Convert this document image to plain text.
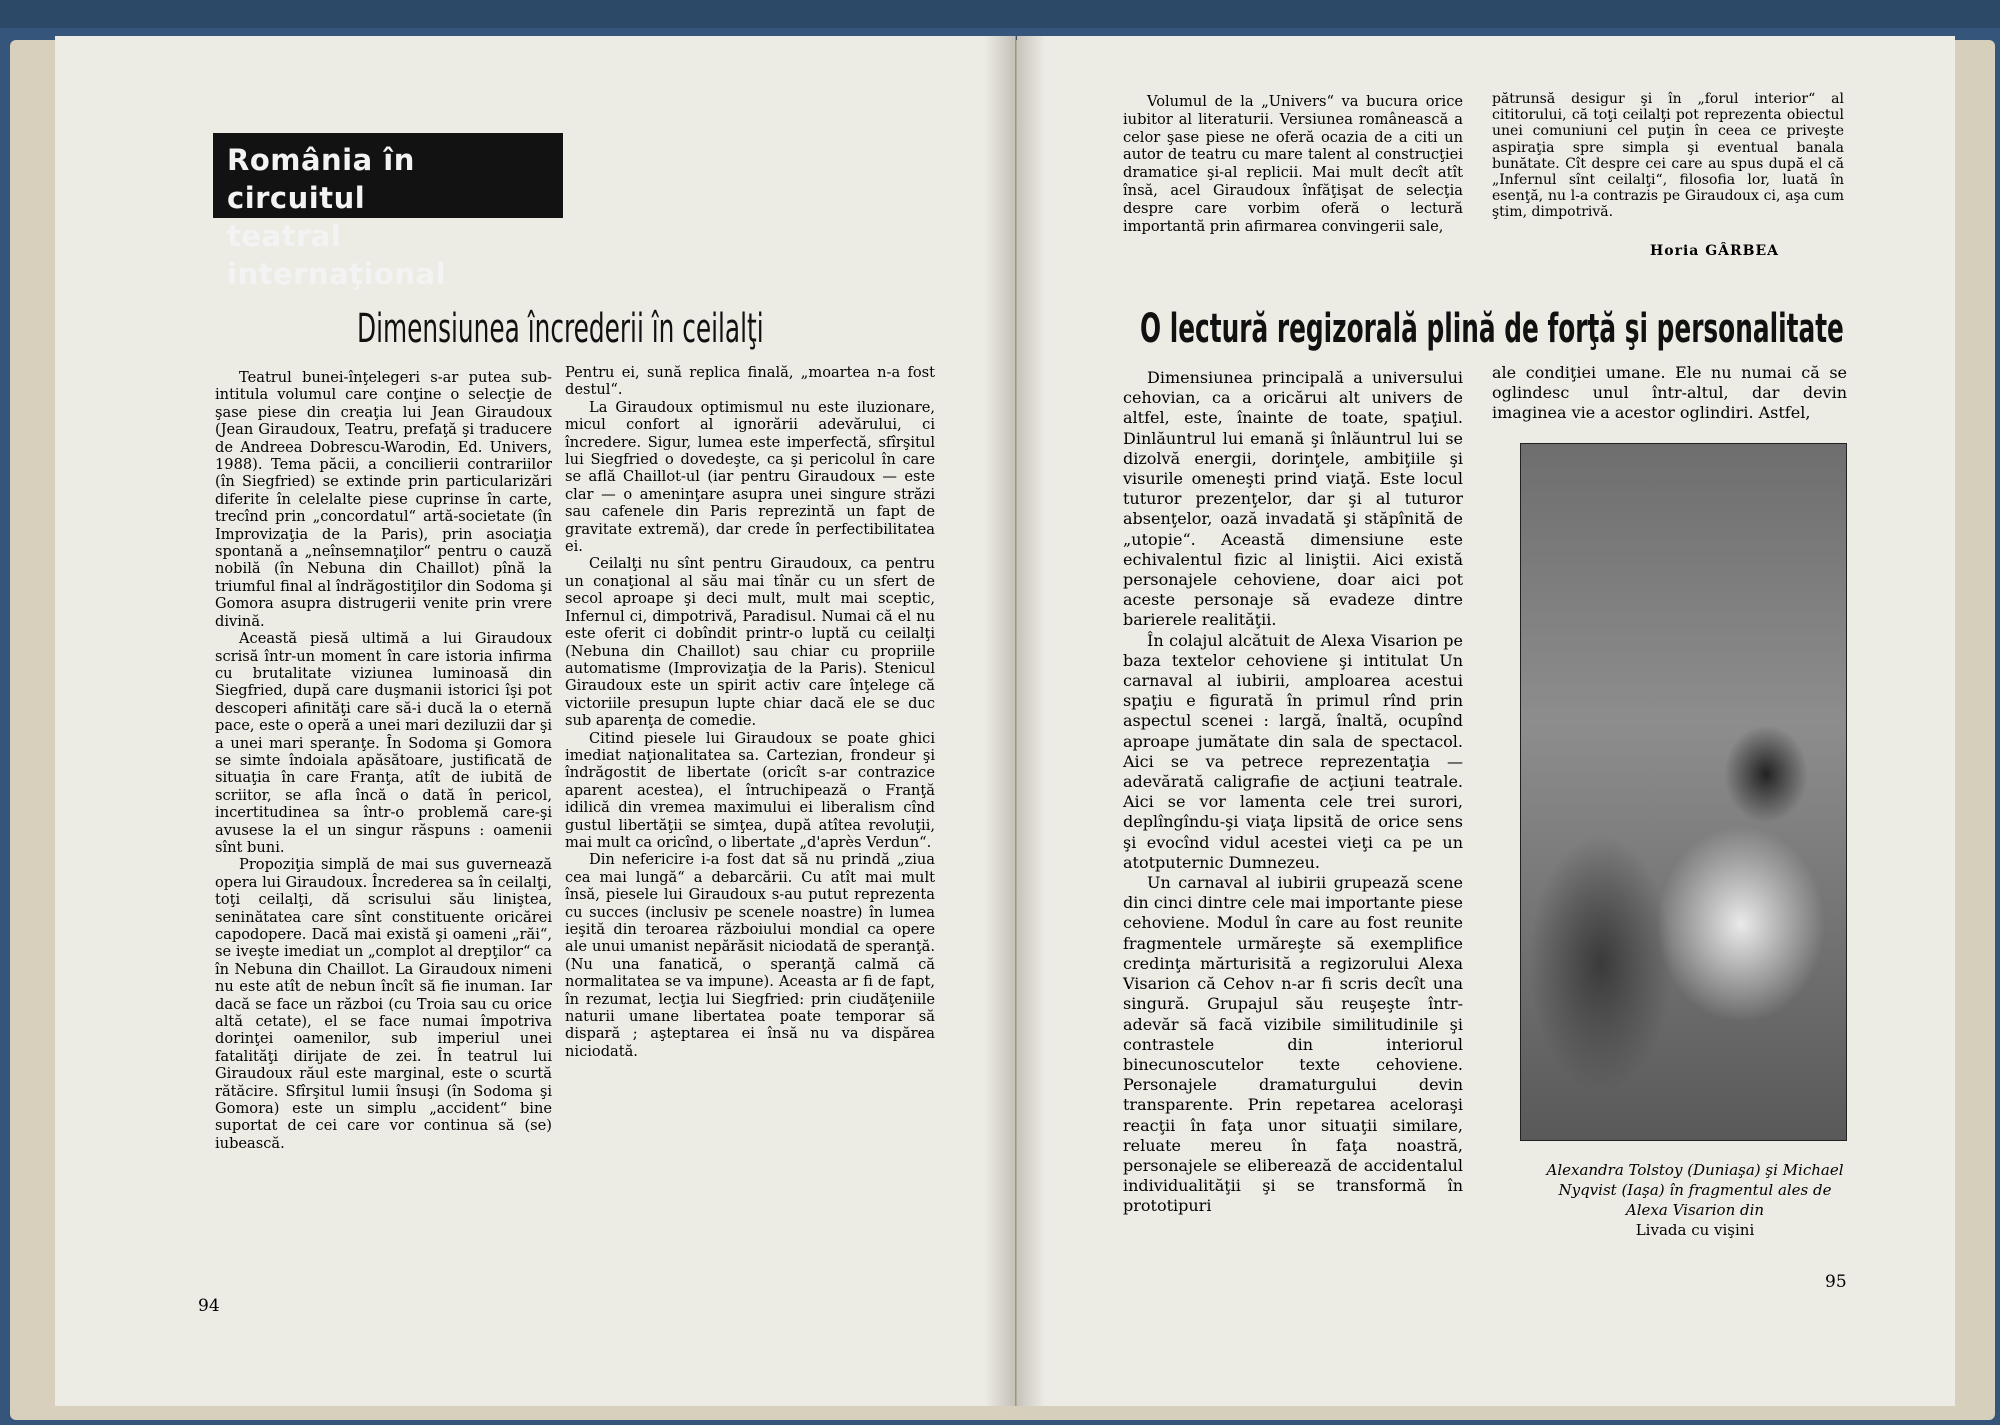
România în circuitul
teatral internaţional
Dimensiunea încrederii în ceilalţi

Teatrul bunei-înţelegeri s-ar putea sub-intitula volumul care conţine o selecţie de şase piese din creaţia lui Jean Giraudoux (Jean Giraudoux, Teatru, prefaţă şi traducere de Andreea Dobrescu-Warodin, Ed. Univers, 1988). Tema păcii, a concilierii contrariilor (în Siegfried) se extinde prin particularizări diferite în celelalte piese cuprinse în carte, trecînd prin „concordatul“ artă-societate (în Improvizaţia de la Paris), prin asociaţia spontană a „neînsemnaţilor“ pentru o cauză nobilă (în Nebuna din Chaillot) pînă la triumful final al îndrăgostiţilor din Sodoma şi Gomora asupra distrugerii venite prin vrere divină.

Această piesă ultimă a lui Giraudoux scrisă într-un moment în care istoria infirma cu brutalitate viziunea luminoasă din Siegfried, după care duşmanii istorici îşi pot descoperi afinităţi care să-i ducă la o eternă pace, este o operă a unei mari deziluzii dar şi a unei mari speranţe. În Sodoma şi Gomora se simte îndoiala apăsătoare, justificată de situaţia în care Franţa, atît de iubită de scriitor, se afla încă o dată în pericol, incertitudinea sa într-o problemă care-şi avusese la el un singur răspuns : oamenii sînt buni.

Propoziţia simplă de mai sus guvernează opera lui Giraudoux. Încrederea sa în ceilalţi, toţi ceilalţi, dă scrisului său liniştea, seninătatea care sînt constituente oricărei capodopere. Dacă mai există şi oameni „răi“, se iveşte imediat un „complot al drepţilor“ ca în Nebuna din Chaillot. La Giraudoux nimeni nu este atît de nebun încît să fie inuman. Iar dacă se face un război (cu Troia sau cu orice altă cetate), el se face numai împotriva dorinţei oamenilor, sub imperiul unei fatalităţi dirijate de zei. În teatrul lui Giraudoux răul este marginal, este o scurtă rătăcire. Sfîrşitul lumii însuşi (în Sodoma şi Gomora) este un simplu „accident“ bine suportat de cei care vor continua să (se) iubească.

Pentru ei, sună replica finală, „moartea n-a fost destul“.

La Giraudoux optimismul nu este iluzionare, micul confort al ignorării adevărului, ci încredere. Sigur, lumea este imperfectă, sfîrşitul lui Siegfried o dovedeşte, ca şi pericolul în care se află Chaillot-ul (iar pentru Giraudoux — este clar — o ameninţare asupra unei singure străzi sau cafenele din Paris reprezintă un fapt de gravitate extremă), dar crede în perfectibilitatea ei.

Ceilalţi nu sînt pentru Giraudoux, ca pentru un conaţional al său mai tînăr cu un sfert de secol aproape şi deci mult, mult mai sceptic, Infernul ci, dimpotrivă, Paradisul. Numai că el nu este oferit ci dobîndit printr-o luptă cu ceilalţi (Nebuna din Chaillot) sau chiar cu propriile automatisme (Improvizaţia de la Paris). Stenicul Giraudoux este un spirit activ care înţelege că victoriile presupun lupte chiar dacă ele se duc sub aparenţa de comedie.

Citind piesele lui Giraudoux se poate ghici imediat naţionalitatea sa. Cartezian, frondeur şi îndrăgostit de libertate (oricît s-ar contrazice aparent acestea), el întruchipează o Franţă idilică din vremea maximului ei liberalism cînd gustul libertăţii se simţea, după atîtea revoluţii, mai mult ca oricînd, o libertate „d'après Verdun“.

Din nefericire i-a fost dat să nu prindă „ziua cea mai lungă“ a debarcării. Cu atît mai mult însă, piesele lui Giraudoux s-au putut reprezenta cu succes (inclusiv pe scenele noastre) în lumea ieşită din teroarea războiului mondial ca opere ale unui umanist nepărăsit niciodată de speranţă. (Nu una fanatică, o speranţă calmă că normalitatea se va impune). Aceasta ar fi de fapt, în rezumat, lecţia lui Siegfried: prin ciudăţeniile naturii umane libertatea poate temporar să dispară ; aşteptarea ei însă nu va dispărea niciodată.

94

Volumul de la „Univers“ va bucura orice iubitor al literaturii. Versiunea românească a celor şase piese ne oferă ocazia de a citi un autor de teatru cu mare talent al construcţiei dramatice şi-al replicii. Mai mult decît atît însă, acel Giraudoux înfăţişat de selecţia despre care vorbim oferă o lectură importantă prin afirmarea convingerii sale,

pătrunsă desigur şi în „forul interior“ al cititorului, că toţi ceilalţi pot reprezenta obiectul unei comuniuni cel puţin în ceea ce priveşte aspiraţia spre simpla şi eventual banala bunătate. Cît despre cei care au spus după el că „Infernul sînt ceilalţi“, filosofia lor, luată în esenţă, nu l-a contrazis pe Giraudoux ci, aşa cum ştim, dimpotrivă.

Horia GÂRBEA
O lectură regizorală plină de forţă şi personalitate

Dimensiunea principală a universului cehovian, ca a oricărui alt univers de altfel, este, înainte de toate, spaţiul. Dinlăuntrul lui emană şi înlăuntrul lui se dizolvă energii, dorinţele, ambiţiile şi visurile omeneşti prind viaţă. Este locul tuturor prezenţelor, dar şi al tuturor absenţelor, oază invadată şi stăpînită de „utopie“. Această dimensiune este echivalentul fizic al liniştii. Aici există personajele cehoviene, doar aici pot aceste personaje să evadeze dintre barierele realităţii.

În colajul alcătuit de Alexa Visarion pe baza textelor cehoviene şi intitulat Un carnaval al iubirii, amploarea acestui spaţiu e figurată în primul rînd prin aspectul scenei : largă, înaltă, ocupînd aproape jumătate din sala de spectacol. Aici se va petrece reprezentaţia — adevărată caligrafie de acţiuni teatrale. Aici se vor lamenta cele trei surori, deplîngîndu-şi viaţa lipsită de orice sens şi evocînd vidul acestei vieţi ca pe un atotputernic Dumnezeu.

Un carnaval al iubirii grupează scene din cinci dintre cele mai importante piese cehoviene. Modul în care au fost reunite fragmentele urmăreşte să exemplifice credinţa mărturisită a regizorului Alexa Visarion că Cehov n-ar fi scris decît una singură. Grupajul său reuşeşte într-adevăr să facă vizibile similitudinile şi contrastele din interiorul binecunoscutelor texte cehoviene. Personajele dramaturgului devin transparente. Prin repetarea aceloraşi reacţii în faţa unor situaţii similare, reluate mereu în faţa noastră, personajele se eliberează de accidentalul individualităţii şi se transformă în prototipuri

ale condiţiei umane. Ele nu numai că se oglindesc unul într-altul, dar devin imaginea vie a acestor oglindiri. Astfel,

Alexandra Tolstoy (Duniaşa) şi Michael Nyqvist (Iaşa) în fragmentul ales de Alexa Visarion din
Livada cu vişini
95
